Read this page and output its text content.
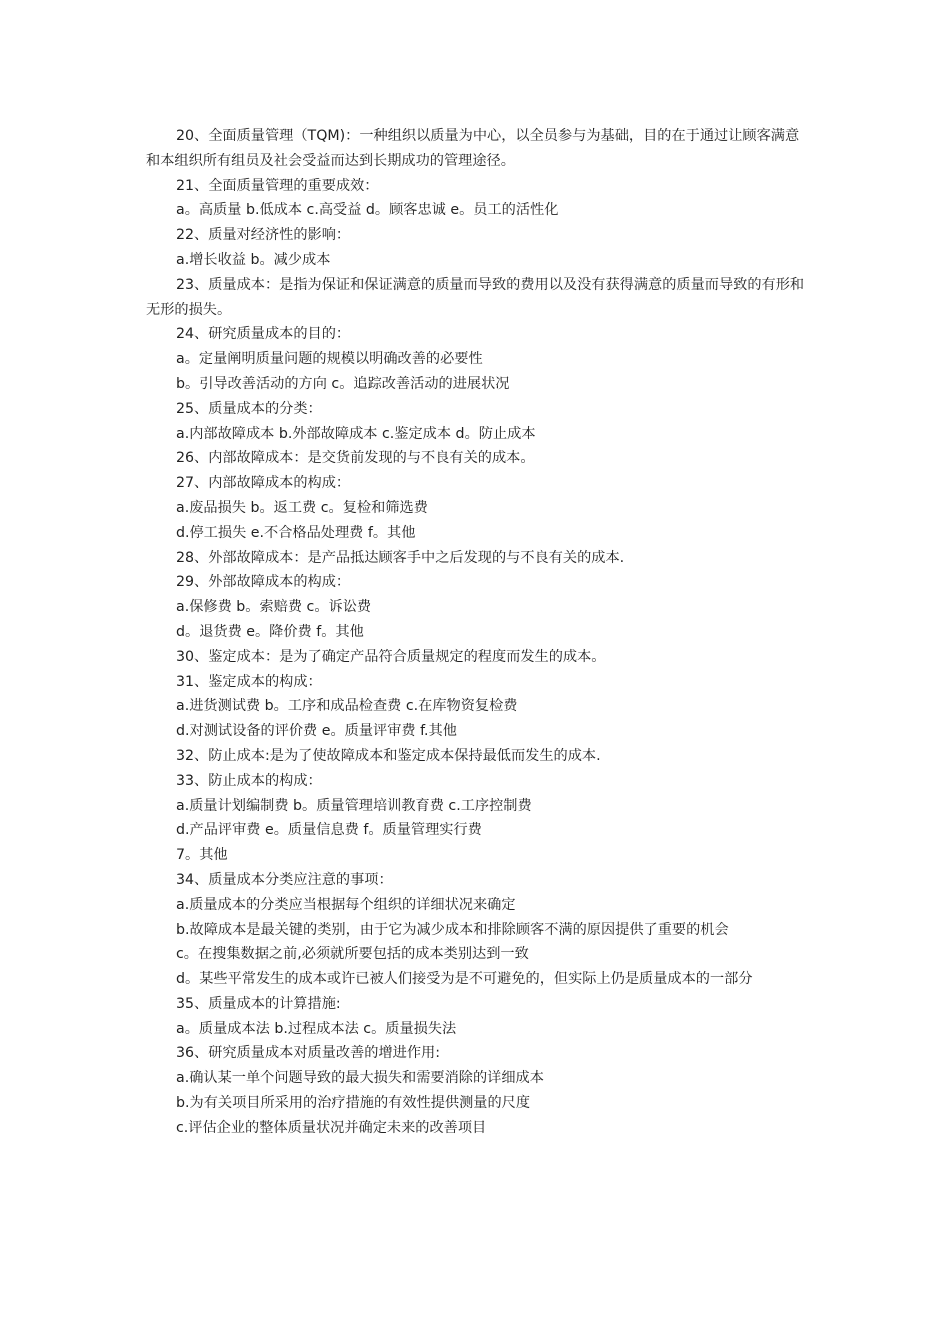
20、全面质量管理（TQM)：一种组织以质量为中心，以全员参与为基础，目的在于通过让顾客满意和本组织所有组员及社会受益而达到长期成功的管理途径。

21、全面质量管理的重要成效：

a。高质量 b.低成本 c.高受益 d。顾客忠诚 e。员工的活性化

22、质量对经济性的影响：

a.增长收益 b。减少成本

23、质量成本：是指为保证和保证满意的质量而导致的费用以及没有获得满意的质量而导致的有形和无形的损失。

24、研究质量成本的目的：

a。定量阐明质量问题的规模以明确改善的必要性

b。引导改善活动的方向 c。追踪改善活动的进展状况

25、质量成本的分类：

a.内部故障成本 b.外部故障成本 c.鉴定成本 d。防止成本

26、内部故障成本：是交货前发现的与不良有关的成本。

27、内部故障成本的构成：

a.废品损失 b。返工费 c。复检和筛选费

d.停工损失 e.不合格品处理费 f。其他

28、外部故障成本：是产品抵达顾客手中之后发现的与不良有关的成本.

29、外部故障成本的构成：

a.保修费 b。索赔费 c。诉讼费

d。退货费 e。降价费 f。其他

30、鉴定成本：是为了确定产品符合质量规定的程度而发生的成本。

31、鉴定成本的构成：

a.进货测试费 b。工序和成品检查费 c.在库物资复检费

d.对测试设备的评价费 e。质量评审费 f.其他

32、防止成本:是为了使故障成本和鉴定成本保持最低而发生的成本.

33、防止成本的构成：

a.质量计划编制费 b。质量管理培训教育费 c.工序控制费

d.产品评审费 e。质量信息费 f。质量管理实行费

7。其他

34、质量成本分类应注意的事项：

a.质量成本的分类应当根据每个组织的详细状况来确定

b.故障成本是最关键的类别，由于它为减少成本和排除顾客不满的原因提供了重要的机会

c。在搜集数据之前,必须就所要包括的成本类别达到一致

d。某些平常发生的成本或许已被人们接受为是不可避免的，但实际上仍是质量成本的一部分

35、质量成本的计算措施:

a。质量成本法 b.过程成本法 c。质量损失法

36、研究质量成本对质量改善的增进作用:

a.确认某一单个问题导致的最大损失和需要消除的详细成本

b.为有关项目所采用的治疗措施的有效性提供测量的尺度

c.评估企业的整体质量状况并确定未来的改善项目
